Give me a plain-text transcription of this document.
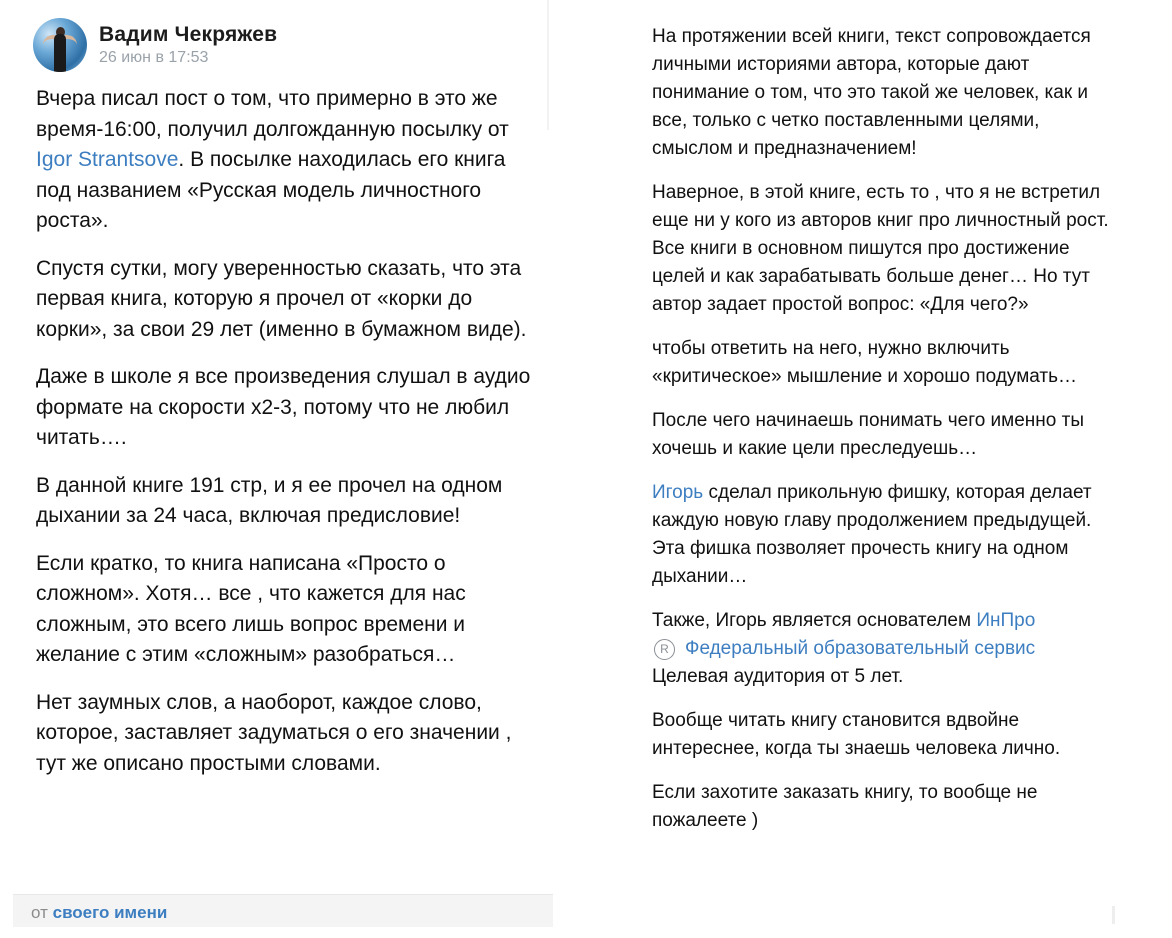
Вадим Чекряжев
26 июн в 17:53

Вчера писал пост о том, что примерно в это же время-16:00, получил долгожданную посылку от Igor Strantsove. В посылке находилась его книга под названием «Русская модель личностного роста».

Спустя сутки, могу уверенностью сказать, что эта первая книга, которую я прочел от «корки до корки», за свои 29 лет (именно в бумажном виде).

Даже в школе я все произведения слушал в аудио формате на скорости х2-3, потому что не любил читать….

В данной книге 191 стр, и я ее прочел на одном дыхании за 24 часа, включая предисловие!

Если кратко, то книга написана «Просто о сложном». Хотя… все , что кажется для нас сложным, это всего лишь вопрос времени и желание с этим «сложным» разобраться…

Нет заумных слов, а наоборот, каждое слово, которое, заставляет задуматься о его значении , тут же описано простыми словами.

от своего имени

На протяжении всей книги, текст сопровождается личными историями автора, которые дают понимание о том, что это такой же человек, как и все, только с четко поставленными целями, смыслом и предназначением!

Наверное, в этой книге, есть то , что я не встретил еще ни у кого из авторов книг про личностный рост. Все книги в основном пишутся про достижение целей и как зарабатывать больше денег… Но тут автор задает простой вопрос: «Для чего?»

чтобы ответить на него, нужно включить «критическое» мышление и хорошо подумать…

После чего начинаешь понимать чего именно ты хочешь и какие цели преследуешь…

Игорь сделал прикольную фишку, которая делает каждую новую главу продолжением предыдущей. Эта фишка позволяет прочесть книгу на одном дыхании…

Также, Игорь является основателем ИнПро
R Федеральный образовательный сервис
Целевая аудитория от 5 лет.

Вообще читать книгу становится вдвойне интереснее, когда ты знаешь человека лично.

Если захотите заказать книгу, то вообще не пожалеете )
